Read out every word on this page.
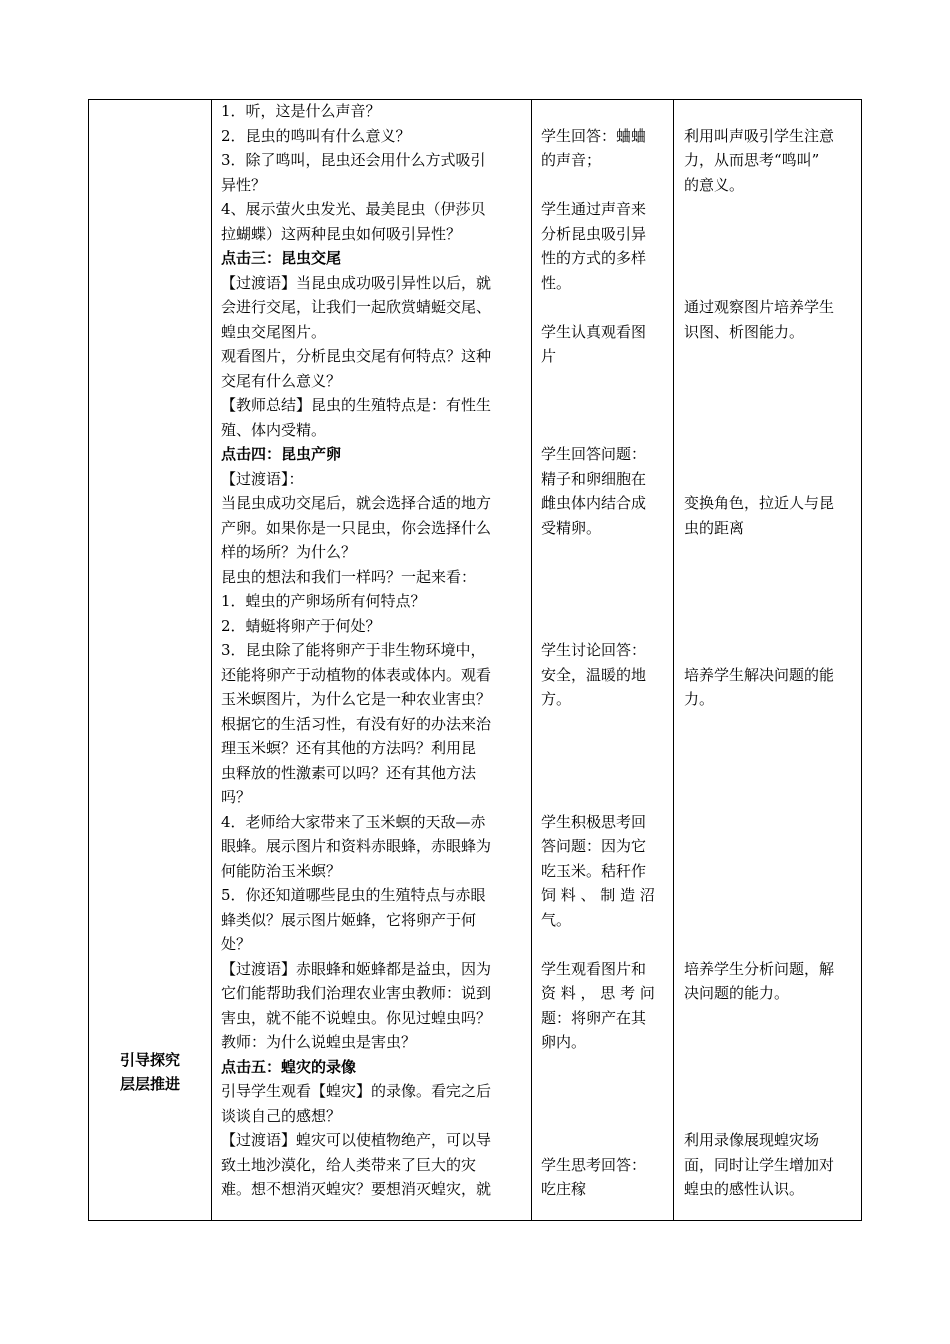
引导探究
层层推进
1．听，这是什么声音？
2．昆虫的鸣叫有什么意义？
3．除了鸣叫，昆虫还会用什么方式吸引
异性？
4、展示萤火虫发光、最美昆虫（伊莎贝
拉蝴蝶）这两种昆虫如何吸引异性？
点击三：昆虫交尾
【过渡语】当昆虫成功吸引异性以后，就
会进行交尾，让我们一起欣赏蜻蜓交尾、
蝗虫交尾图片。
观看图片，分析昆虫交尾有何特点？这种
交尾有什么意义？
【教师总结】昆虫的生殖特点是：有性生
殖、体内受精。
点击四：昆虫产卵
【过渡语】：
当昆虫成功交尾后，就会选择合适的地方
产卵。如果你是一只昆虫，你会选择什么
样的场所？为什么？
昆虫的想法和我们一样吗？一起来看：
1．蝗虫的产卵场所有何特点？
2．蜻蜓将卵产于何处？
3．昆虫除了能将卵产于非生物环境中，
还能将卵产于动植物的体表或体内。观看
玉米螟图片，为什么它是一种农业害虫？
根据它的生活习性，有没有好的办法来治
理玉米螟？还有其他的方法吗？利用昆
虫释放的性激素可以吗？还有其他方法
吗？
4．老师给大家带来了玉米螟的天敌—赤
眼蜂。展示图片和资料赤眼蜂，赤眼蜂为
何能防治玉米螟？
5．你还知道哪些昆虫的生殖特点与赤眼
蜂类似？展示图片姬蜂，它将卵产于何
处？
【过渡语】赤眼蜂和姬蜂都是益虫，因为
它们能帮助我们治理农业害虫教师：说到
害虫，就不能不说蝗虫。你见过蝗虫吗？
教师：为什么说蝗虫是害虫？
点击五：蝗灾的录像
引导学生观看【蝗灾】的录像。看完之后
谈谈自己的感想？
【过渡语】蝗灾可以使植物绝产，可以导
致土地沙漠化，给人类带来了巨大的灾
难。想不想消灭蝗灾？要想消灭蝗灾，就
学生回答：蛐蛐
的声音；
学生通过声音来
分析昆虫吸引异
性的方式的多样
性。
学生认真观看图
片
学生回答问题：
精子和卵细胞在
雌虫体内结合成
受精卵。
学生讨论回答：
安全，温暖的地
方。
学生积极思考回
答问题：因为它
吃玉米。秸秆作
饲 料 、 制 造 沼
气。
学生观看图片和
资 料 ， 思 考 问
题：将卵产在其
卵内。
学生思考回答：
吃庄稼
利用叫声吸引学生注意
力，从而思考“鸣叫”
的意义。
通过观察图片培养学生
识图、析图能力。
变换角色，拉近人与昆
虫的距离
培养学生解决问题的能
力。
培养学生分析问题，解
决问题的能力。
利用录像展现蝗灾场
面，同时让学生增加对
蝗虫的感性认识。
